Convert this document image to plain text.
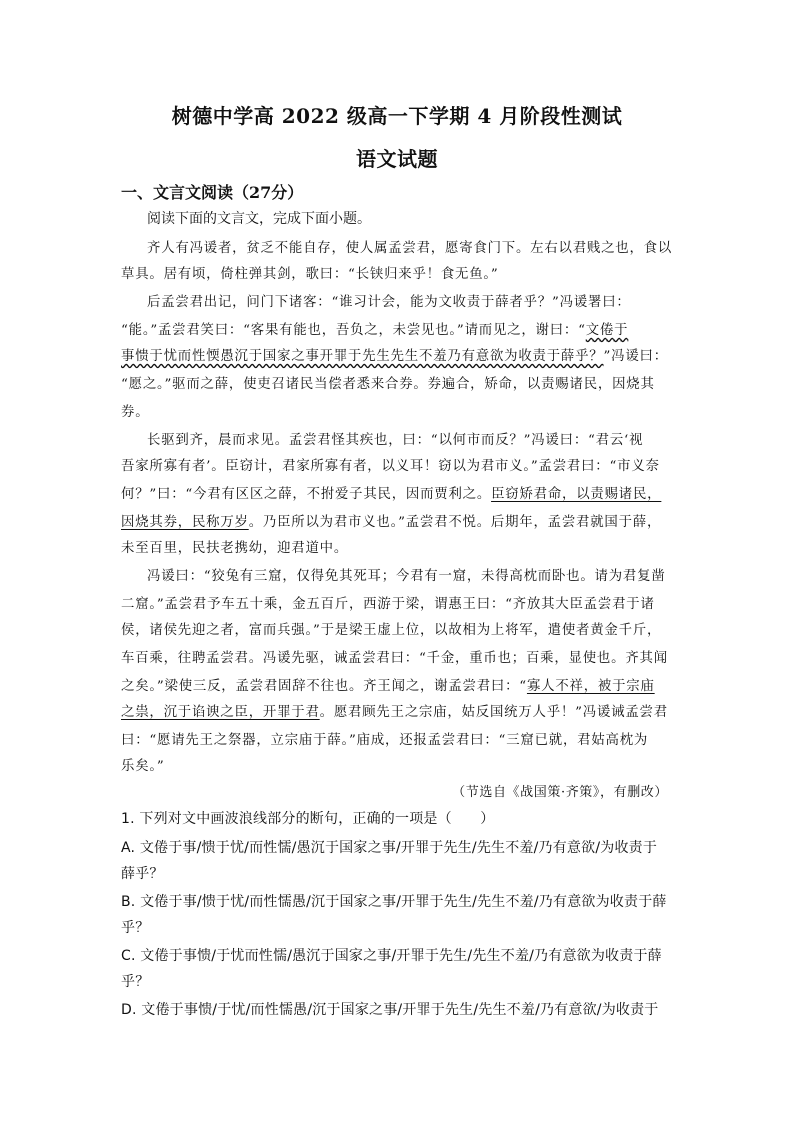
树德中学高 2022 级高一下学期 4 月阶段性测试
语文试题
一、文言文阅读（27分）
阅读下面的文言文，完成下面小题。
齐人有冯谖者，贫乏不能自存，使人属孟尝君，愿寄食门下。左右以君贱之也，食以
草具。居有顷，倚柱弹其剑，歌曰：“长铗归来乎！食无鱼。”
后孟尝君出记，问门下诸客：“谁习计会，能为文收责于薛者乎？”冯谖署曰：
“能。”孟尝君笑曰：“客果有能也，吾负之，未尝见也。”请而见之，谢曰：“文倦于
事愦于忧而性愞愚沉于国家之事开罪于先生先生不羞乃有意欲为收责于薛乎？”冯谖曰：
“愿之。”驱而之薛，使吏召诸民当偿者悉来合券。券遍合，矫命，以责赐诸民，因烧其
券。
长驱到齐，晨而求见。孟尝君怪其疾也，曰：“以何市而反？”冯谖曰：“君云‘视
吾家所寡有者’。臣窃计，君家所寡有者，以义耳！窃以为君市义。”孟尝君曰：“市义奈
何？”曰：“今君有区区之薛，不拊爱子其民，因而贾利之。臣窃矫君命，以责赐诸民，
因烧其券，民称万岁。乃臣所以为君市义也。”孟尝君不悦。后期年，孟尝君就国于薛，
未至百里，民扶老携幼，迎君道中。
冯谖曰：“狡兔有三窟，仅得免其死耳；今君有一窟，未得高枕而卧也。请为君复凿
二窟。”孟尝君予车五十乘，金五百斤，西游于梁，谓惠王曰：“齐放其大臣孟尝君于诸
侯，诸侯先迎之者，富而兵强。”于是梁王虚上位，以故相为上将军，遣使者黄金千斤，
车百乘，往聘孟尝君。冯谖先驱，诫孟尝君曰：“千金，重币也；百乘，显使也。齐其闻
之矣。”梁使三反，孟尝君固辞不往也。齐王闻之，谢孟尝君曰：“寡人不祥，被于宗庙
之祟，沉于谄谀之臣，开罪于君。愿君顾先王之宗庙，姑反国统万人乎！”冯谖诫孟尝君
曰：“愿请先王之祭器，立宗庙于薛。”庙成，还报孟尝君曰：“三窟已就，君姑高枕为
乐矣。”
（节选自《战国策·齐策》，有删改）
1. 下列对文中画波浪线部分的断句，正确的一项是（　　）
A. 文倦于事/愦于忧/而性懦/愚沉于国家之事/开罪于先生/先生不羞/乃有意欲/为收责于
薛乎？
B. 文倦于事/愦于忧/而性懦愚/沉于国家之事/开罪于先生/先生不羞/乃有意欲为收责于薛
乎？
C. 文倦于事愦/于忧而性懦/愚沉于国家之事/开罪于先生/先生不羞/乃有意欲为收责于薛
乎？
D. 文倦于事愦/于忧/而性懦愚/沉于国家之事/开罪于先生/先生不羞/乃有意欲/为收责于
